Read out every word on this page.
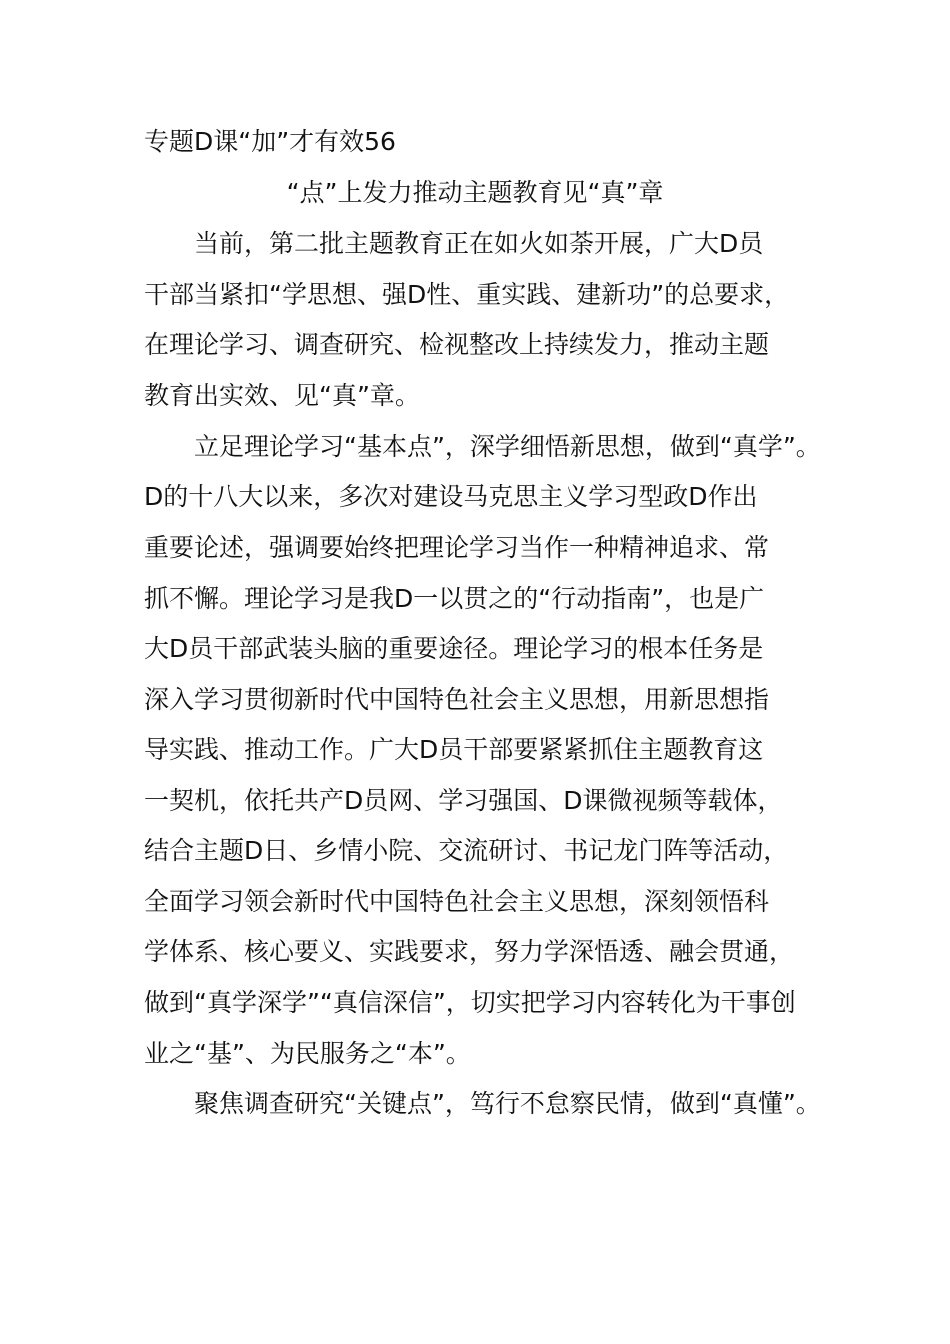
专题D课“加”才有效56
“点”上发力推动主题教育见“真”章

当前，第二批主题教育正在如火如荼开展，广大D员

干部当紧扣“学思想、强D性、重实践、建新功”的总要求，

在理论学习、调查研究、检视整改上持续发力，推动主题

教育出实效、见“真”章。

立足理论学习“基本点”，深学细悟新思想，做到“真学”。

D的十八大以来，多次对建设马克思主义学习型政D作出

重要论述，强调要始终把理论学习当作一种精神追求、常

抓不懈。理论学习是我D一以贯之的“行动指南”，也是广

大D员干部武装头脑的重要途径。理论学习的根本任务是

深入学习贯彻新时代中国特色社会主义思想，用新思想指

导实践、推动工作。广大D员干部要紧紧抓住主题教育这

一契机，依托共产D员网、学习强国、D课微视频等载体，

结合主题D日、乡情小院、交流研讨、书记龙门阵等活动，

全面学习领会新时代中国特色社会主义思想，深刻领悟科

学体系、核心要义、实践要求，努力学深悟透、融会贯通，

做到“真学深学”“真信深信”，切实把学习内容转化为干事创

业之“基”、为民服务之“本”。

聚焦调查研究“关键点”，笃行不怠察民情，做到“真懂”。
